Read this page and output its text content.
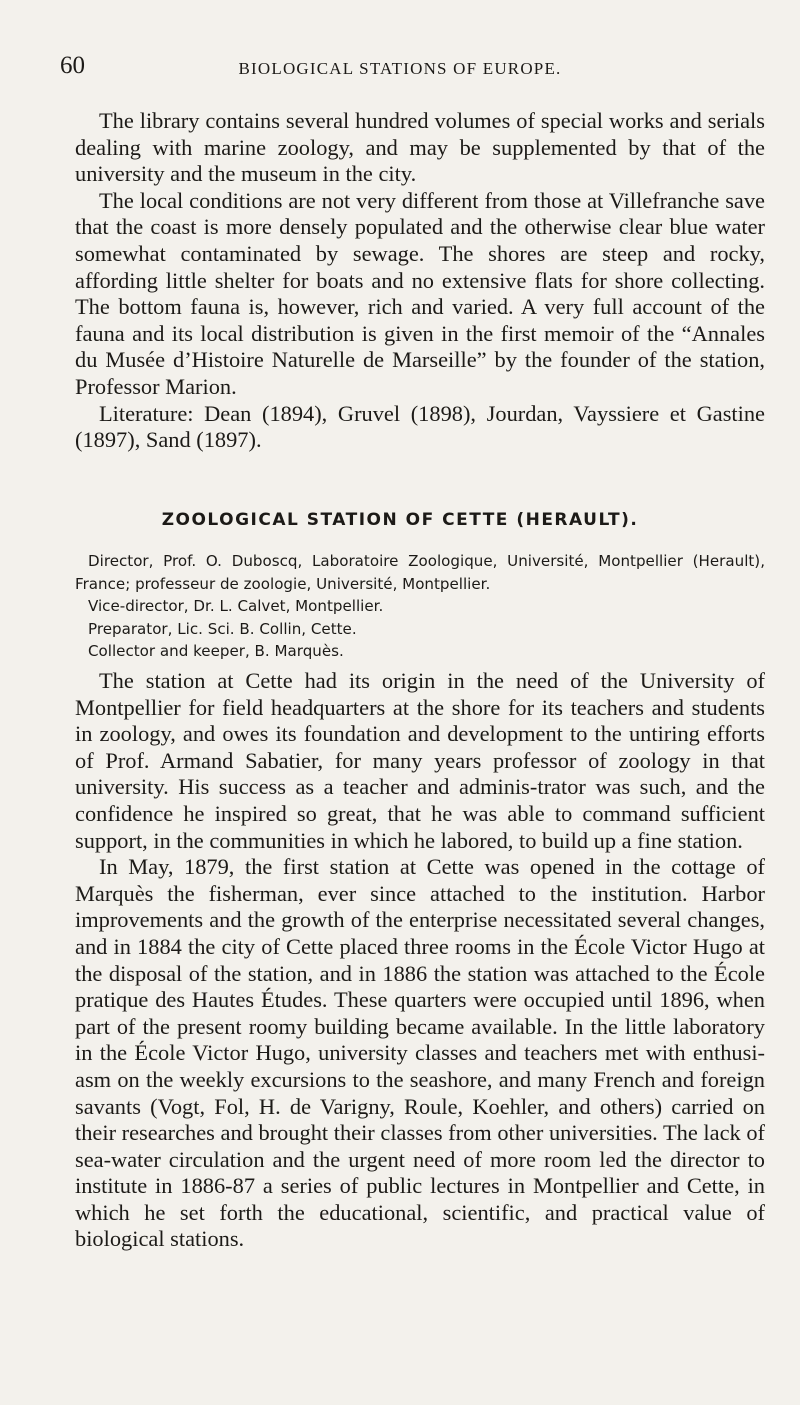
60	BIOLOGICAL STATIONS OF EUROPE.

The library contains several hundred volumes of special works and serials dealing with marine zoology, and may be supplemented by that of the university and the museum in the city.

The local conditions are not very different from those at Villefranche save that the coast is more densely populated and the otherwise clear blue water somewhat contaminated by sewage. The shores are steep and rocky, affording little shelter for boats and no extensive flats for shore collecting. The bottom fauna is, however, rich and varied. A very full account of the fauna and its local distribution is given in the first memoir of the “Annales du Musée d’Histoire Naturelle de Marseille” by the founder of the station, Professor Marion.

Literature: Dean (1894), Gruvel (1898), Jourdan, Vayssiere et Gastine (1897), Sand (1897).

ZOOLOGICAL STATION OF CETTE (HERAULT).

Director, Prof. O. Duboscq, Laboratoire Zoologique, Université, Montpellier (Herault), France; professeur de zoologie, Université, Montpellier.

Vice-director, Dr. L. Calvet, Montpellier.

Preparator, Lic. Sci. B. Collin, Cette.

Collector and keeper, B. Marquès.

The station at Cette had its origin in the need of the University of Montpellier for field headquarters at the shore for its teachers and students in zoology, and owes its foundation and development to the untiring efforts of Prof. Armand Sabatier, for many years professor of zoology in that university. His success as a teacher and adminis-trator was such, and the confidence he inspired so great, that he was able to command sufficient support, in the communities in which he labored, to build up a fine station.

In May, 1879, the first station at Cette was opened in the cottage of Marquès the fisherman, ever since attached to the institution. Harbor improvements and the growth of the enterprise necessitated several changes, and in 1884 the city of Cette placed three rooms in the École Victor Hugo at the disposal of the station, and in 1886 the station was attached to the École pratique des Hautes Études. These quarters were occupied until 1896, when part of the present roomy building became available. In the little laboratory in the École Victor Hugo, university classes and teachers met with enthusi-asm on the weekly excursions to the seashore, and many French and foreign savants (Vogt, Fol, H. de Varigny, Roule, Koehler, and others) carried on their researches and brought their classes from other universities. The lack of sea-water circulation and the urgent need of more room led the director to institute in 1886-87 a series of public lectures in Montpellier and Cette, in which he set forth the educational, scientific, and practical value of biological stations.
